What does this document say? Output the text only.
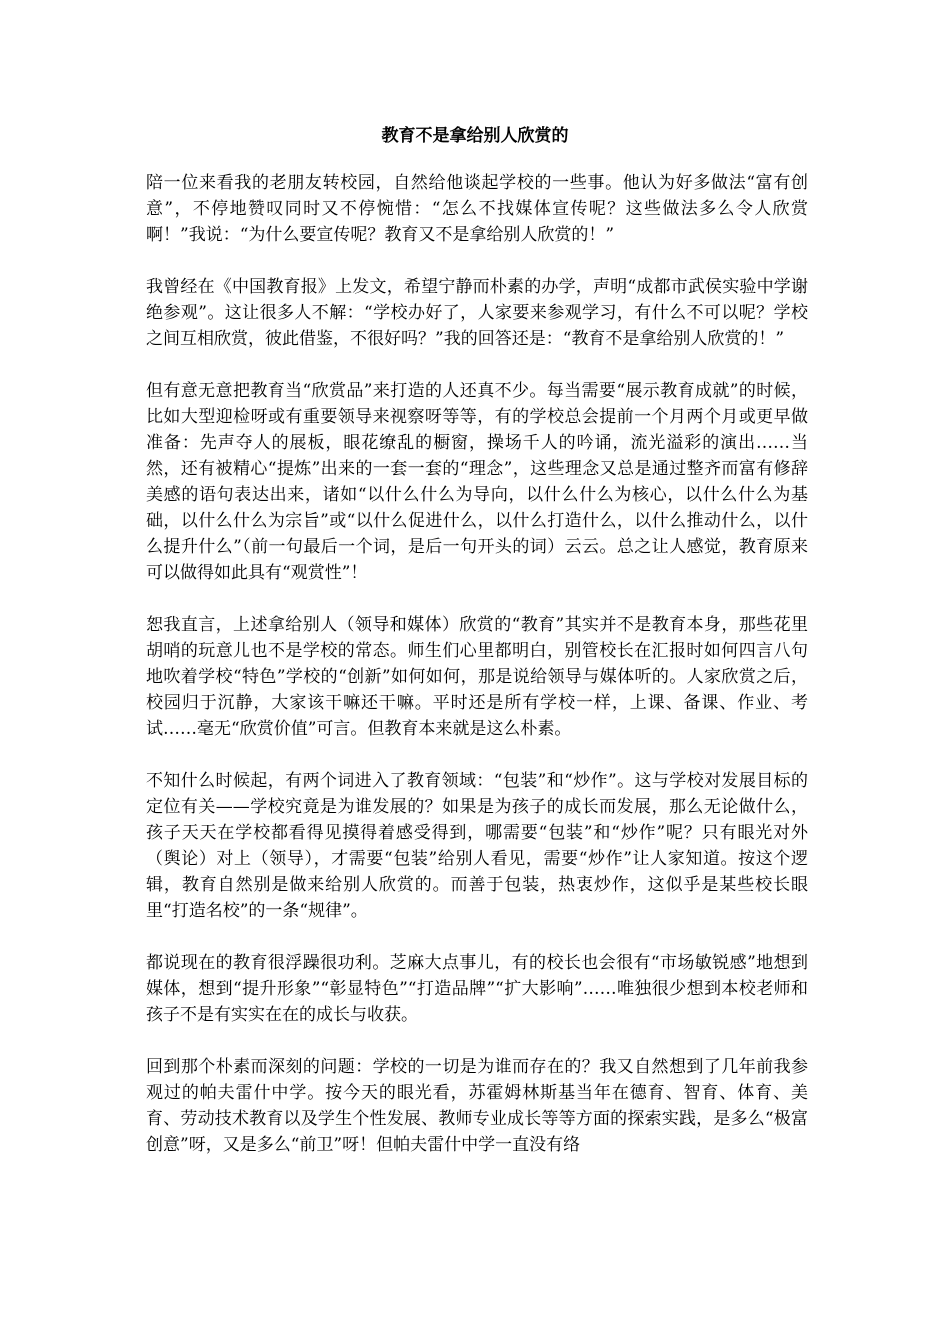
教育不是拿给别人欣赏的

陪一位来看我的老朋友转校园，自然给他谈起学校的一些事。他认为好多做法“富有创意”，不停地赞叹同时又不停惋惜：“怎么不找媒体宣传呢？这些做法多么令人欣赏啊！”我说：“为什么要宣传呢？教育又不是拿给别人欣赏的！”

我曾经在《中国教育报》上发文，希望宁静而朴素的办学，声明“成都市武侯实验中学谢绝参观”。这让很多人不解：“学校办好了，人家要来参观学习，有什么不可以呢？学校之间互相欣赏，彼此借鉴，不很好吗？”我的回答还是：“教育不是拿给别人欣赏的！”

但有意无意把教育当“欣赏品”来打造的人还真不少。每当需要“展示教育成就”的时候，比如大型迎检呀或有重要领导来视察呀等等，有的学校总会提前一个月两个月或更早做准备：先声夺人的展板，眼花缭乱的橱窗，操场千人的吟诵，流光溢彩的演出……当然，还有被精心“提炼”出来的一套一套的“理念”，这些理念又总是通过整齐而富有修辞美感的语句表达出来，诸如“以什么什么为导向，以什么什么为核心，以什么什么为基础，以什么什么为宗旨”或“以什么促进什么，以什么打造什么，以什么推动什么，以什么提升什么”（前一句最后一个词，是后一句开头的词）云云。总之让人感觉，教育原来可以做得如此具有“观赏性”！

恕我直言，上述拿给别人（领导和媒体）欣赏的“教育”其实并不是教育本身，那些花里胡哨的玩意儿也不是学校的常态。师生们心里都明白，别管校长在汇报时如何四言八句地吹着学校“特色”学校的“创新”如何如何，那是说给领导与媒体听的。人家欣赏之后，校园归于沉静，大家该干嘛还干嘛。平时还是所有学校一样，上课、备课、作业、考试……毫无“欣赏价值”可言。但教育本来就是这么朴素。

不知什么时候起，有两个词进入了教育领域：“包装”和“炒作”。这与学校对发展目标的定位有关——学校究竟是为谁发展的？如果是为孩子的成长而发展，那么无论做什么，孩子天天在学校都看得见摸得着感受得到，哪需要“包装”和“炒作”呢？只有眼光对外（舆论）对上（领导），才需要“包装”给别人看见，需要“炒作”让人家知道。按这个逻辑，教育自然别是做来给别人欣赏的。而善于包装，热衷炒作，这似乎是某些校长眼里“打造名校”的一条“规律”。

都说现在的教育很浮躁很功利。芝麻大点事儿，有的校长也会很有“市场敏锐感”地想到媒体，想到“提升形象”“彰显特色”“打造品牌”“扩大影响”……唯独很少想到本校老师和孩子不是有实实在在的成长与收获。

回到那个朴素而深刻的问题：学校的一切是为谁而存在的？我又自然想到了几年前我参观过的帕夫雷什中学。按今天的眼光看，苏霍姆林斯基当年在德育、智育、体育、美育、劳动技术教育以及学生个性发展、教师专业成长等等方面的探索实践，是多么“极富创意”呀，又是多么“前卫”呀！但帕夫雷什中学一直没有络
